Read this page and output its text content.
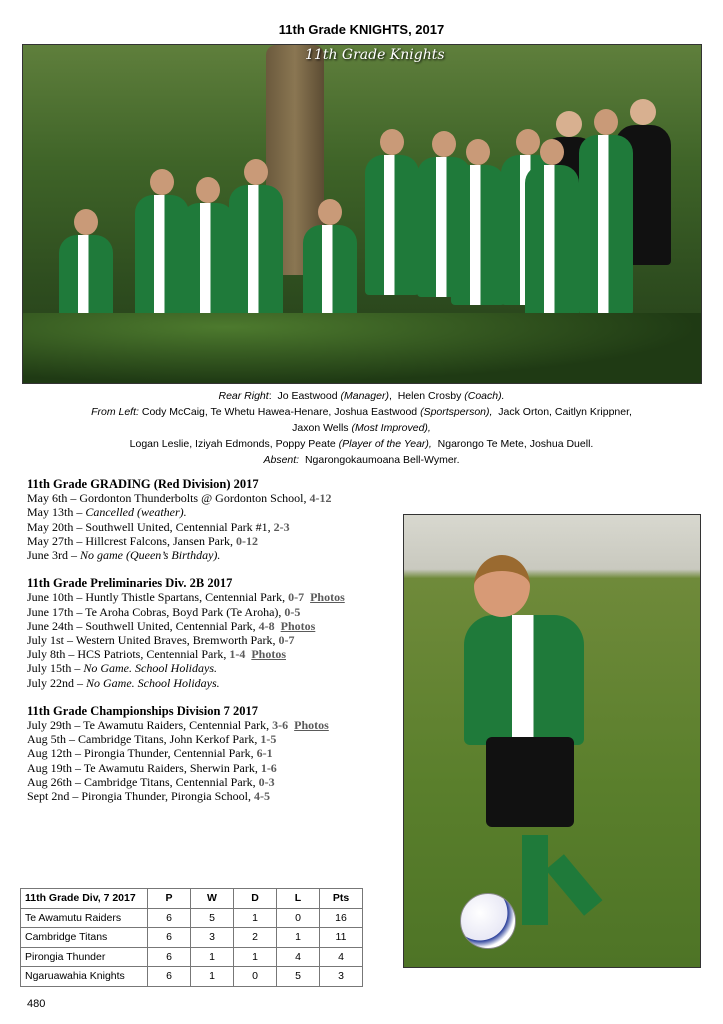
11th Grade KNIGHTS, 2017
11th Grade Knights
Rear Right:  Jo Eastwood (Manager),  Helen Crosby (Coach).
From Left: Cody McCaig, Te Whetu Hawea-Henare, Joshua Eastwood (Sportsperson), Jack Orton, Caitlyn Krippner,
Jaxon Wells (Most Improved),
Logan Leslie, Iziyah Edmonds, Poppy Peate (Player of the Year), Ngarongo Te Mete, Joshua Duell.
Absent: Ngarongokaumoana Bell-Wymer.
11th Grade GRADING (Red Division) 2017
May 6th – Gordonton Thunderbolts @ Gordonton School, 4-12
May 13th – Cancelled (weather).
May 20th – Southwell United, Centennial Park #1, 2-3
May 27th – Hillcrest Falcons, Jansen Park, 0-12
June 3rd – No game (Queen’s Birthday).
11th Grade Preliminaries Div. 2B 2017
June 10th – Huntly Thistle Spartans, Centennial Park, 0-7 Photos
June 17th – Te Aroha Cobras, Boyd Park (Te Aroha), 0-5
June 24th – Southwell United, Centennial Park, 4-8 Photos
July 1st – Western United Braves, Bremworth Park, 0-7
July 8th – HCS Patriots, Centennial Park, 1-4 Photos
July 15th – No Game. School Holidays.
July 22nd – No Game. School Holidays.
11th Grade Championships Division 7 2017
July 29th – Te Awamutu Raiders, Centennial Park, 3-6 Photos
Aug 5th – Cambridge Titans, John Kerkof Park, 1-5
Aug 12th – Pirongia Thunder, Centennial Park, 6-1
Aug 19th – Te Awamutu Raiders, Sherwin Park, 1-6
Aug 26th – Cambridge Titans, Centennial Park, 0-3
Sept 2nd – Pirongia Thunder, Pirongia School, 4-5
11th Grade Div, 7 2017	P	W	D	L	Pts
Te Awamutu Raiders	6	5	1	0	16
Cambridge Titans	6	3	2	1	11
Pirongia Thunder	6	1	1	4	4
Ngaruawahia Knights	6	1	0	5	3
480
